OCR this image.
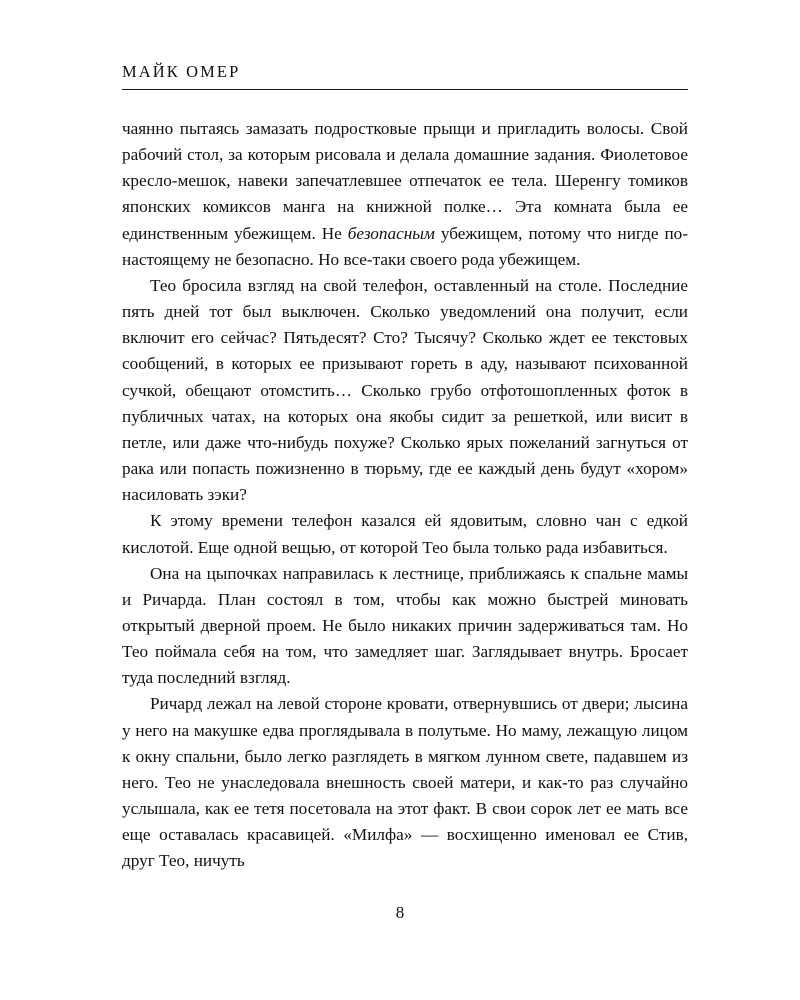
МАЙК ОМЕР

чаянно пытаясь замазать подростковые прыщи и пригладить волосы. Свой рабочий стол, за которым рисовала и делала домашние задания. Фиолетовое кресло-мешок, навеки запечатлевшее отпечаток ее тела. Шеренгу томиков японских комиксов манга на книжной полке… Эта комната была ее единственным убежищем. Не безопасным убежищем, потому что нигде по-настоящему не безопасно. Но все-таки своего рода убежищем.

Тео бросила взгляд на свой телефон, оставленный на столе. Последние пять дней тот был выключен. Сколько уведомлений она получит, если включит его сейчас? Пятьдесят? Сто? Тысячу? Сколько ждет ее текстовых сообщений, в которых ее призывают гореть в аду, называют психованной сучкой, обещают отомстить… Сколько грубо отфотошопленных фоток в публичных чатах, на которых она якобы сидит за решеткой, или висит в петле, или даже что-нибудь похуже? Сколько ярых пожеланий загнуться от рака или попасть пожизненно в тюрьму, где ее каждый день будут «хором» насиловать зэки?

К этому времени телефон казался ей ядовитым, словно чан с едкой кислотой. Еще одной вещью, от которой Тео была только рада избавиться.

Она на цыпочках направилась к лестнице, приближаясь к спальне мамы и Ричарда. План состоял в том, чтобы как можно быстрей миновать открытый дверной проем. Не было никаких причин задерживаться там. Но Тео поймала себя на том, что замедляет шаг. Заглядывает внутрь. Бросает туда последний взгляд.

Ричард лежал на левой стороне кровати, отвернувшись от двери; лысина у него на макушке едва проглядывала в полутьме. Но маму, лежащую лицом к окну спальни, было легко разглядеть в мягком лунном свете, падавшем из него. Тео не унаследовала внешность своей матери, и как-то раз случайно услышала, как ее тетя посетовала на этот факт. В свои сорок лет ее мать все еще оставалась красавицей. «Милфа» — восхищенно именовал ее Стив, друг Тео, ничуть

8
